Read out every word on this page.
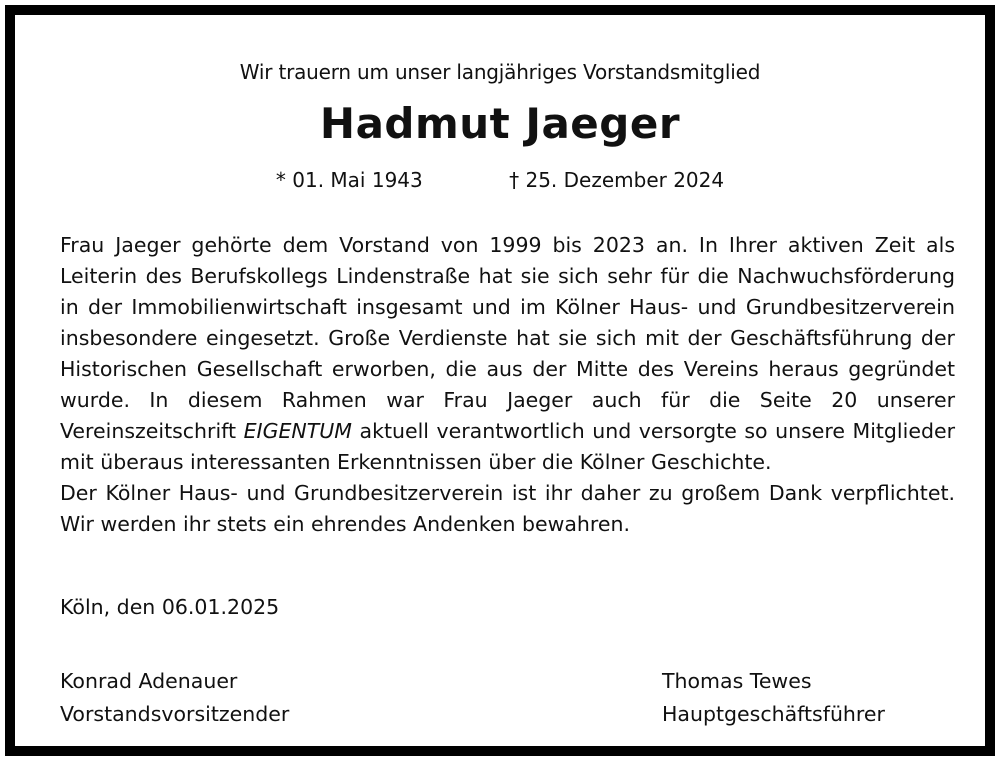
Wir trauern um unser langjähriges Vorstandsmitglied
Hadmut Jaeger
* 01. Mai 1943	† 25. Dezember 2024

Frau Jaeger gehörte dem Vorstand von 1999 bis 2023 an. In Ihrer aktiven Zeit als Leiterin des Berufskollegs Lindenstraße hat sie sich sehr für die Nachwuchsförderung in der Immobilienwirtschaft insgesamt und im Kölner Haus- und Grundbesitzerverein insbesondere eingesetzt. Große Verdienste hat sie sich mit der Geschäftsführung der Historischen Gesellschaft erworben, die aus der Mitte des Vereins heraus gegründet wurde. In diesem Rahmen war Frau Jaeger auch für die Seite 20 unserer Vereinszeitschrift EIGENTUM aktuell verantwortlich und versorgte so unsere Mitglieder mit überaus interessanten Erkenntnissen über die Kölner Geschichte.

Der Kölner Haus- und Grundbesitzerverein ist ihr daher zu großem Dank verpflichtet. Wir werden ihr stets ein ehrendes Andenken bewahren.

Köln, den 06.01.2025
Konrad Adenauer
Vorstandsvorsitzender
Thomas Tewes
Hauptgeschäftsführer
